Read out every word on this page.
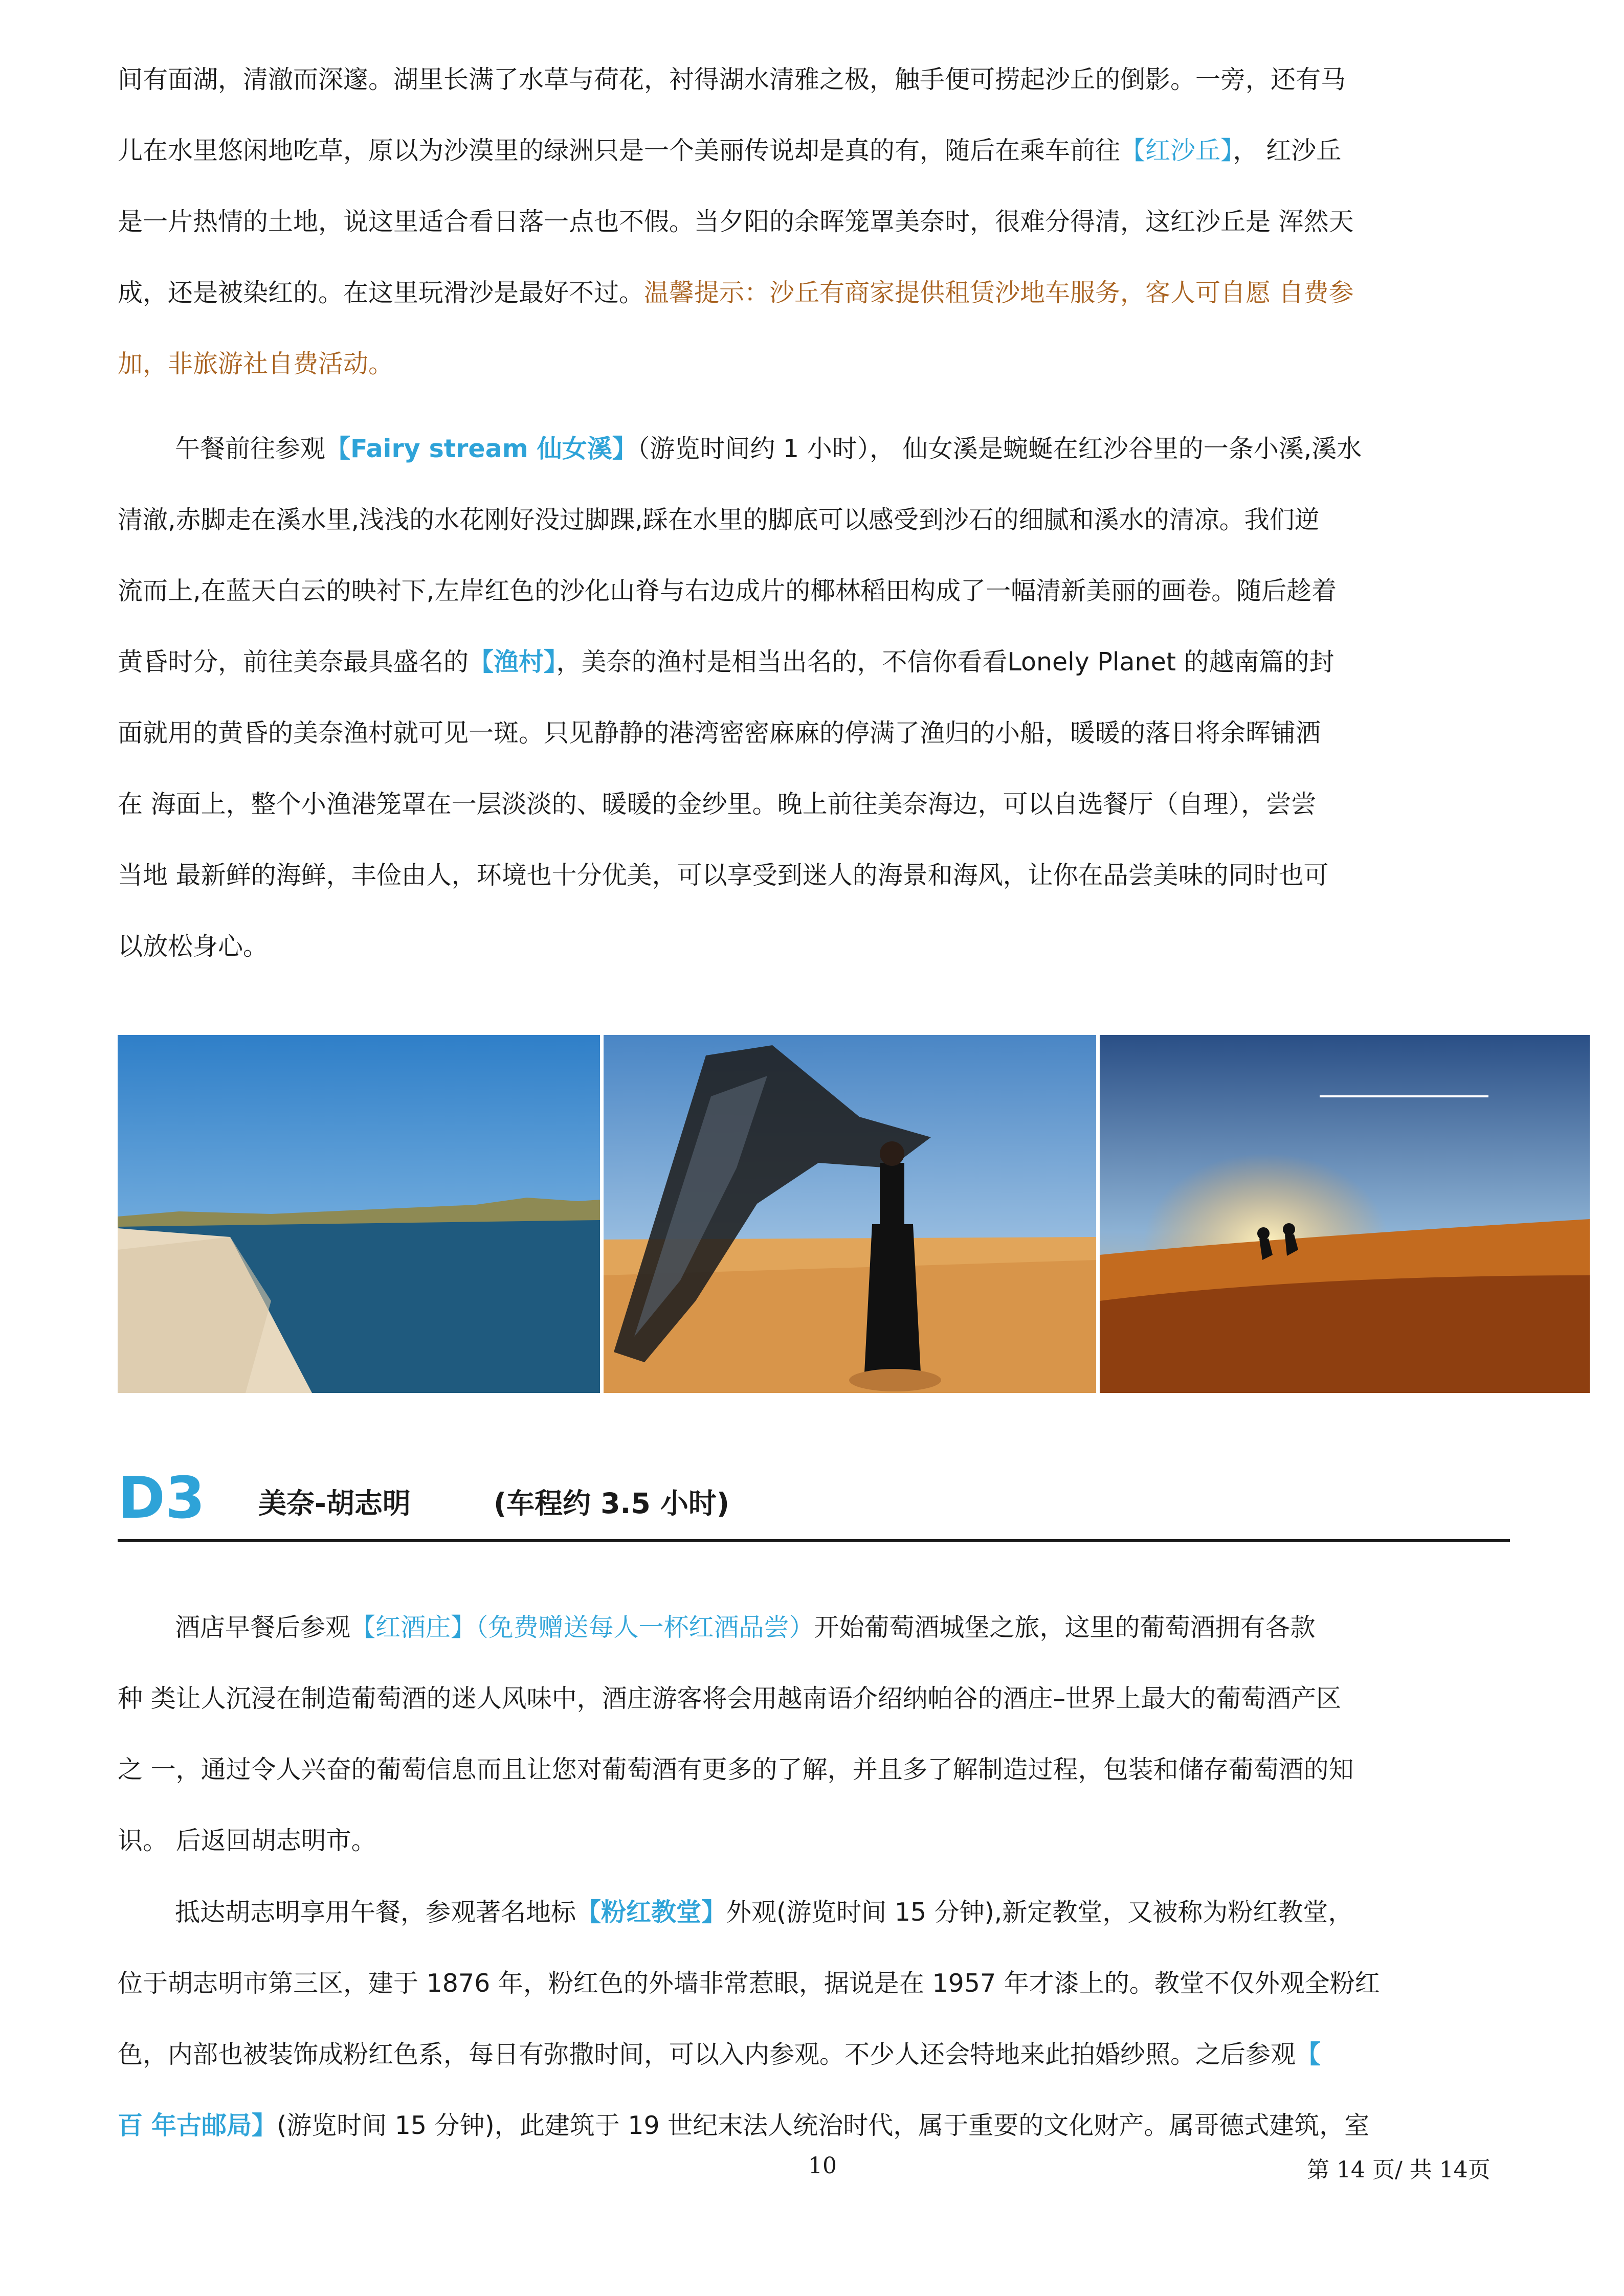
间有面湖，清澈而深邃。湖里长满了水草与荷花，衬得湖水清雅之极，触手便可捞起沙丘的倒影。一旁，还有马
儿在水里悠闲地吃草，原以为沙漠里的绿洲只是一个美丽传说却是真的有，随后在乘车前往【红沙丘】， 红沙丘
是一片热情的土地，说这里适合看日落一点也不假。当夕阳的余晖笼罩美奈时，很难分得清，这红沙丘是 浑然天
成，还是被染红的。在这里玩滑沙是最好不过。温馨提示：沙丘有商家提供租赁沙地车服务，客人可自愿 自费参
加，非旅游社自费活动。
午餐前往参观【Fairy stream 仙女溪】（游览时间约 1 小时）， 仙女溪是蜿蜒在红沙谷里的一条小溪,溪水
清澈,赤脚走在溪水里,浅浅的水花刚好没过脚踝,踩在水里的脚底可以感受到沙石的细腻和溪水的清凉。我们逆
流而上,在蓝天白云的映衬下,左岸红色的沙化山脊与右边成片的椰林稻田构成了一幅清新美丽的画卷。随后趁着
黄昏时分，前往美奈最具盛名的【渔村】，美奈的渔村是相当出名的，不信你看看Lonely Planet 的越南篇的封
面就用的黄昏的美奈渔村就可见一斑。只见静静的港湾密密麻麻的停满了渔归的小船，暖暖的落日将余晖铺洒
在 海面上，整个小渔港笼罩在一层淡淡的、暖暖的金纱里。晚上前往美奈海边，可以自选餐厅（自理），尝尝
当地 最新鲜的海鲜，丰俭由人，环境也十分优美，可以享受到迷人的海景和海风，让你在品尝美味的同时也可
以放松身心。
D3 美奈-胡志明	(车程约 3.5 小时)
酒店早餐后参观【红酒庄】（免费赠送每人一杯红酒品尝）开始葡萄酒城堡之旅，这里的葡萄酒拥有各款
种 类让人沉浸在制造葡萄酒的迷人风味中，酒庄游客将会用越南语介绍纳帕谷的酒庄–世界上最大的葡萄酒产区
之 一，通过令人兴奋的葡萄信息而且让您对葡萄酒有更多的了解，并且多了解制造过程，包装和储存葡萄酒的知
识。 后返回胡志明市。
抵达胡志明享用午餐，参观著名地标【粉红教堂】外观(游览时间 15 分钟),新定教堂，又被称为粉红教堂，
位于胡志明市第三区，建于 1876 年，粉红色的外墙非常惹眼，据说是在 1957 年才漆上的。教堂不仅外观全粉红
色，内部也被装饰成粉红色系，每日有弥撒时间，可以入内参观。不少人还会特地来此拍婚纱照。之后参观【
百 年古邮局】(游览时间 15 分钟)，此建筑于 19 世纪末法人统治时代，属于重要的文化财产。属哥德式建筑，室
10	第 14 页/ 共 14页
